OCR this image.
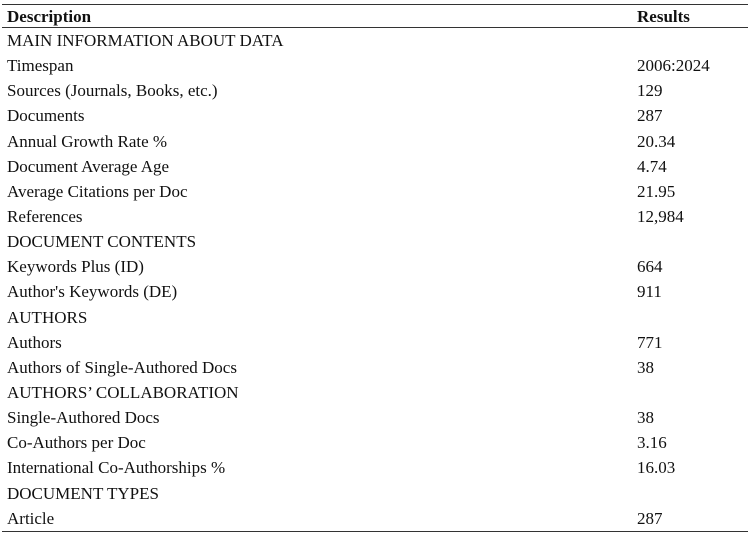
Description	Results
MAIN INFORMATION ABOUT DATA
Timespan	2006:2024
Sources (Journals, Books, etc.)	129
Documents	287
Annual Growth Rate %	20.34
Document Average Age	4.74
Average Citations per Doc	21.95
References	12,984
DOCUMENT CONTENTS
Keywords Plus (ID)	664
Author's Keywords (DE)	911
AUTHORS
Authors	771
Authors of Single-Authored Docs	38
AUTHORS’ COLLABORATION
Single-Authored Docs	38
Co-Authors per Doc	3.16
International Co-Authorships %	16.03
DOCUMENT TYPES
Article	287
